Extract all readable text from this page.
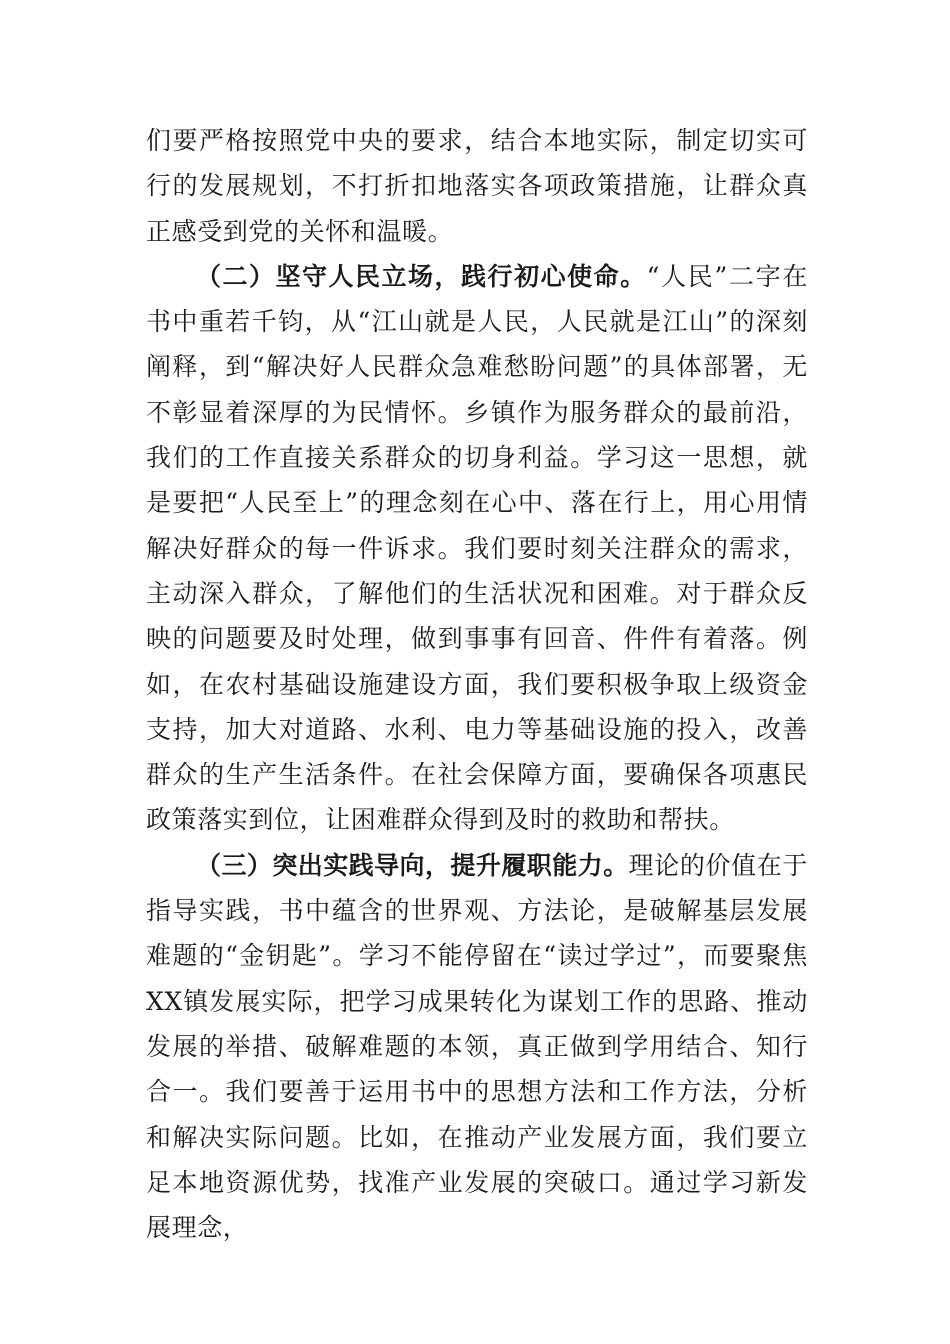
们要严格按照党中央的要求，结合本地实际，制定切实可行的发展规划，不打折扣地落实各项政策措施，让群众真正感受到党的关怀和温暖。

（二）坚守人民立场，践行初心使命。“人民”二字在书中重若千钧，从“江山就是人民，人民就是江山”的深刻阐释，到“解决好人民群众急难愁盼问题”的具体部署，无不彰显着深厚的为民情怀。乡镇作为服务群众的最前沿，我们的工作直接关系群众的切身利益。学习这一思想，就是要把“人民至上”的理念刻在心中、落在行上，用心用情解决好群众的每一件诉求。我们要时刻关注群众的需求，主动深入群众，了解他们的生活状况和困难。对于群众反映的问题要及时处理，做到事事有回音、件件有着落。例如，在农村基础设施建设方面，我们要积极争取上级资金支持，加大对道路、水利、电力等基础设施的投入，改善群众的生产生活条件。在社会保障方面，要确保各项惠民政策落实到位，让困难群众得到及时的救助和帮扶。

（三）突出实践导向，提升履职能力。理论的价值在于指导实践，书中蕴含的世界观、方法论，是破解基层发展难题的“金钥匙”。学习不能停留在“读过学过”，而要聚焦XX镇发展实际，把学习成果转化为谋划工作的思路、推动发展的举措、破解难题的本领，真正做到学用结合、知行合一。我们要善于运用书中的思想方法和工作方法，分析和解决实际问题。比如，在推动产业发展方面，我们要立足本地资源优势，找准产业发展的突破口。通过学习新发展理念，
